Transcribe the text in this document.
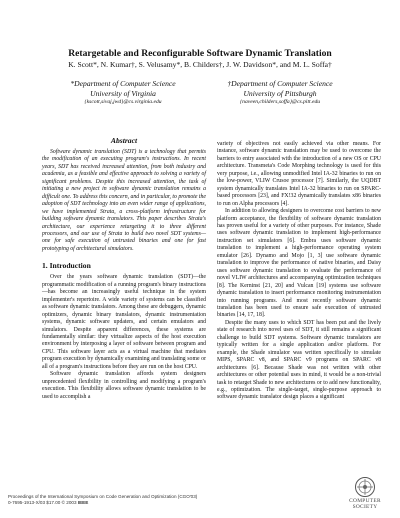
Retargetable and Reconfigurable Software Dynamic Translation
K. Scott*, N. Kumar†, S. Velusamy*, B. Childers†, J. W. Davidson*, and M. L. Soffa†
*Department of Computer Science
University of Virginia
{kscott,sivaj,jwd}@cs.virginia.edu
†Department of Computer Science
University of Pittsburgh
{naveen,childers,soffa}@cs.pitt.edu
Abstract

Software dynamic translation (SDT) is a technology that permits the modification of an executing program's instructions. In recent years, SDT has received increased attention, from both industry and academia, as a feasible and effective approach to solving a variety of significant problems. Despite this increased attention, the task of initiating a new project in software dynamic translation remains a difficult one. To address this concern, and in particular, to promote the adoption of SDT technology into an even wider range of applications, we have implemented Strata, a cross-platform infrastructure for building software dynamic translators. This paper describes Strata's architecture, our experience retargeting it to three different processors, and our use of Strata to build two novel SDT systems—one for safe execution of untrusted binaries and one for fast prototyping of architectural simulators.

1. Introduction

Over the years software dynamic translation (SDT)—the programmatic modification of a running program's binary instructions—has become an increasingly useful technique in the system implementer's repertoire. A wide variety of systems can be classified as software dynamic translators. Among these are debuggers, dynamic optimizers, dynamic binary translators, dynamic instrumentation systems, dynamic software updaters, and certain emulators and simulators. Despite apparent differences, these systems are fundamentally similar: they virtualize aspects of the host execution environment by interposing a layer of software between program and CPU. This software layer acts as a virtual machine that mediates program execution by dynamically examining and translating some or all of a program's instructions before they are run on the host CPU.

Software dynamic translation affords system designers unprecedented flexibility in controlling and modifying a program's execution. This flexibility allows software dynamic translation to be used to accomplish a

variety of objectives not easily achieved via other means. For instance, software dynamic translation may be used to overcome the barriers to entry associated with the introduction of a new OS or CPU architecture. Transmeta's Code Morphing technology is used for this very purpose, i.e., allowing unmodified Intel IA-32 binaries to run on the low-power, VLIW Crusoe processor [7]. Similarly, the UQDBT system dynamically translates Intel IA-32 binaries to run on SPARC-based processors [23], and FX!32 dynamically translates x86 binaries to run on Alpha processors [4].

In addition to allowing designers to overcome cost barriers to new platform acceptance, the flexibility of software dynamic translation has proven useful for a variety of other purposes. For instance, Shade uses software dynamic translation to implement high-performance instruction set simulators [6]. Embra uses software dynamic translation to implement a high-performance operating system emulator [26]. Dynamo and Mojo [1, 3] use software dynamic translation to improve the performance of native binaries, and Daisy uses software dynamic translation to evaluate the performance of novel VLIW architectures and accompanying optimization techniques [8]. The Kerninst [21, 20] and Vulcan [19] systems use software dynamic translation to insert performance monitoring instrumentation into running programs. And most recently software dynamic translation has been used to ensure safe execution of untrusted binaries [14, 17, 18].

Despite the many uses to which SDT has been put and the lively state of research into novel uses of SDT, it still remains a significant challenge to build SDT systems. Software dynamic translators are typically written for a single application and/or platform. For example, the Shade simulator was written specifically to simulate MIPS, SPARC v8, and SPARC v9 programs on SPARC v8 architectures [6]. Because Shade was not written with other architectures or other potential uses in mind, it would be a non-trivial task to retarget Shade to new architectures or to add new functionality, e.g., optimization. The single-target, single-purpose approach to software dynamic translator design places a significant

Proceedings of the International Symposium on Code Generation and Optimization (CGO'03)
0-7695-1913-X/03 $17.00 © 2003 IEEE	COMPUTER
SOCIETY
